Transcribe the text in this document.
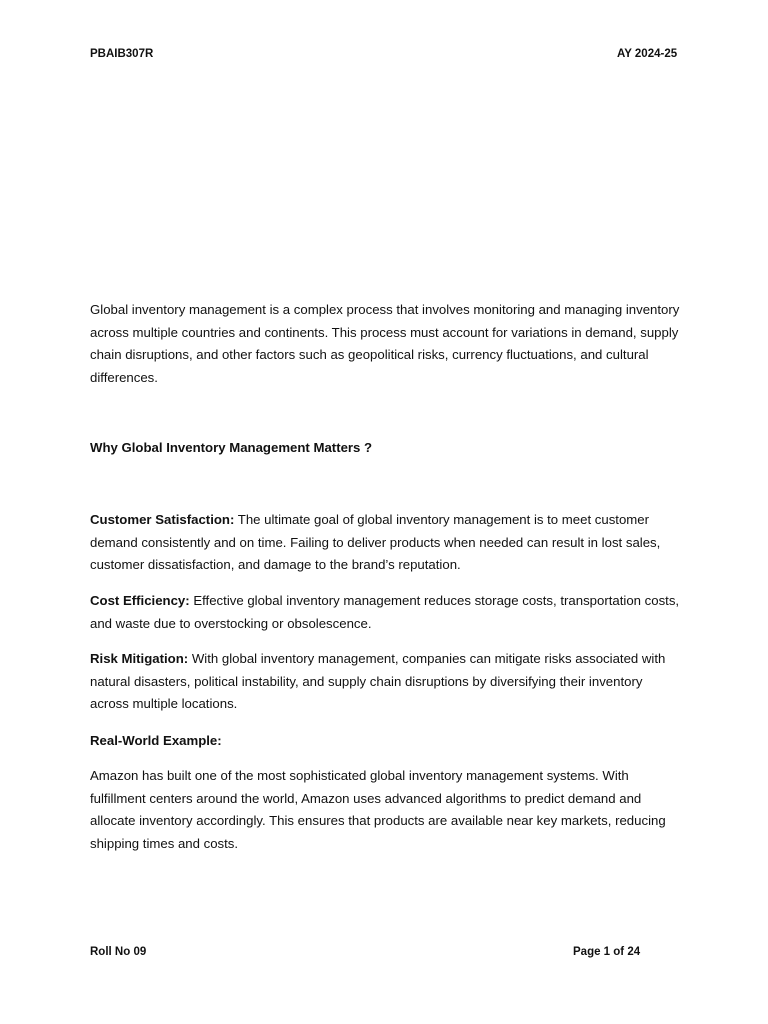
PBAIB307R	AY 2024-25

Global inventory management is a complex process that involves monitoring and managing inventory across multiple countries and continents. This process must account for variations in demand, supply chain disruptions, and other factors such as geopolitical risks, currency fluctuations, and cultural differences.

Why Global Inventory Management Matters ?

Customer Satisfaction: The ultimate goal of global inventory management is to meet customer demand consistently and on time. Failing to deliver products when needed can result in lost sales, customer dissatisfaction, and damage to the brand’s reputation.

Cost Efficiency: Effective global inventory management reduces storage costs, transportation costs, and waste due to overstocking or obsolescence.

Risk Mitigation: With global inventory management, companies can mitigate risks associated with natural disasters, political instability, and supply chain disruptions by diversifying their inventory across multiple locations.

Real-World Example:

Amazon has built one of the most sophisticated global inventory management systems. With fulfillment centers around the world, Amazon uses advanced algorithms to predict demand and allocate inventory accordingly. This ensures that products are available near key markets, reducing shipping times and costs.

Roll No 09	Page 1 of 24
